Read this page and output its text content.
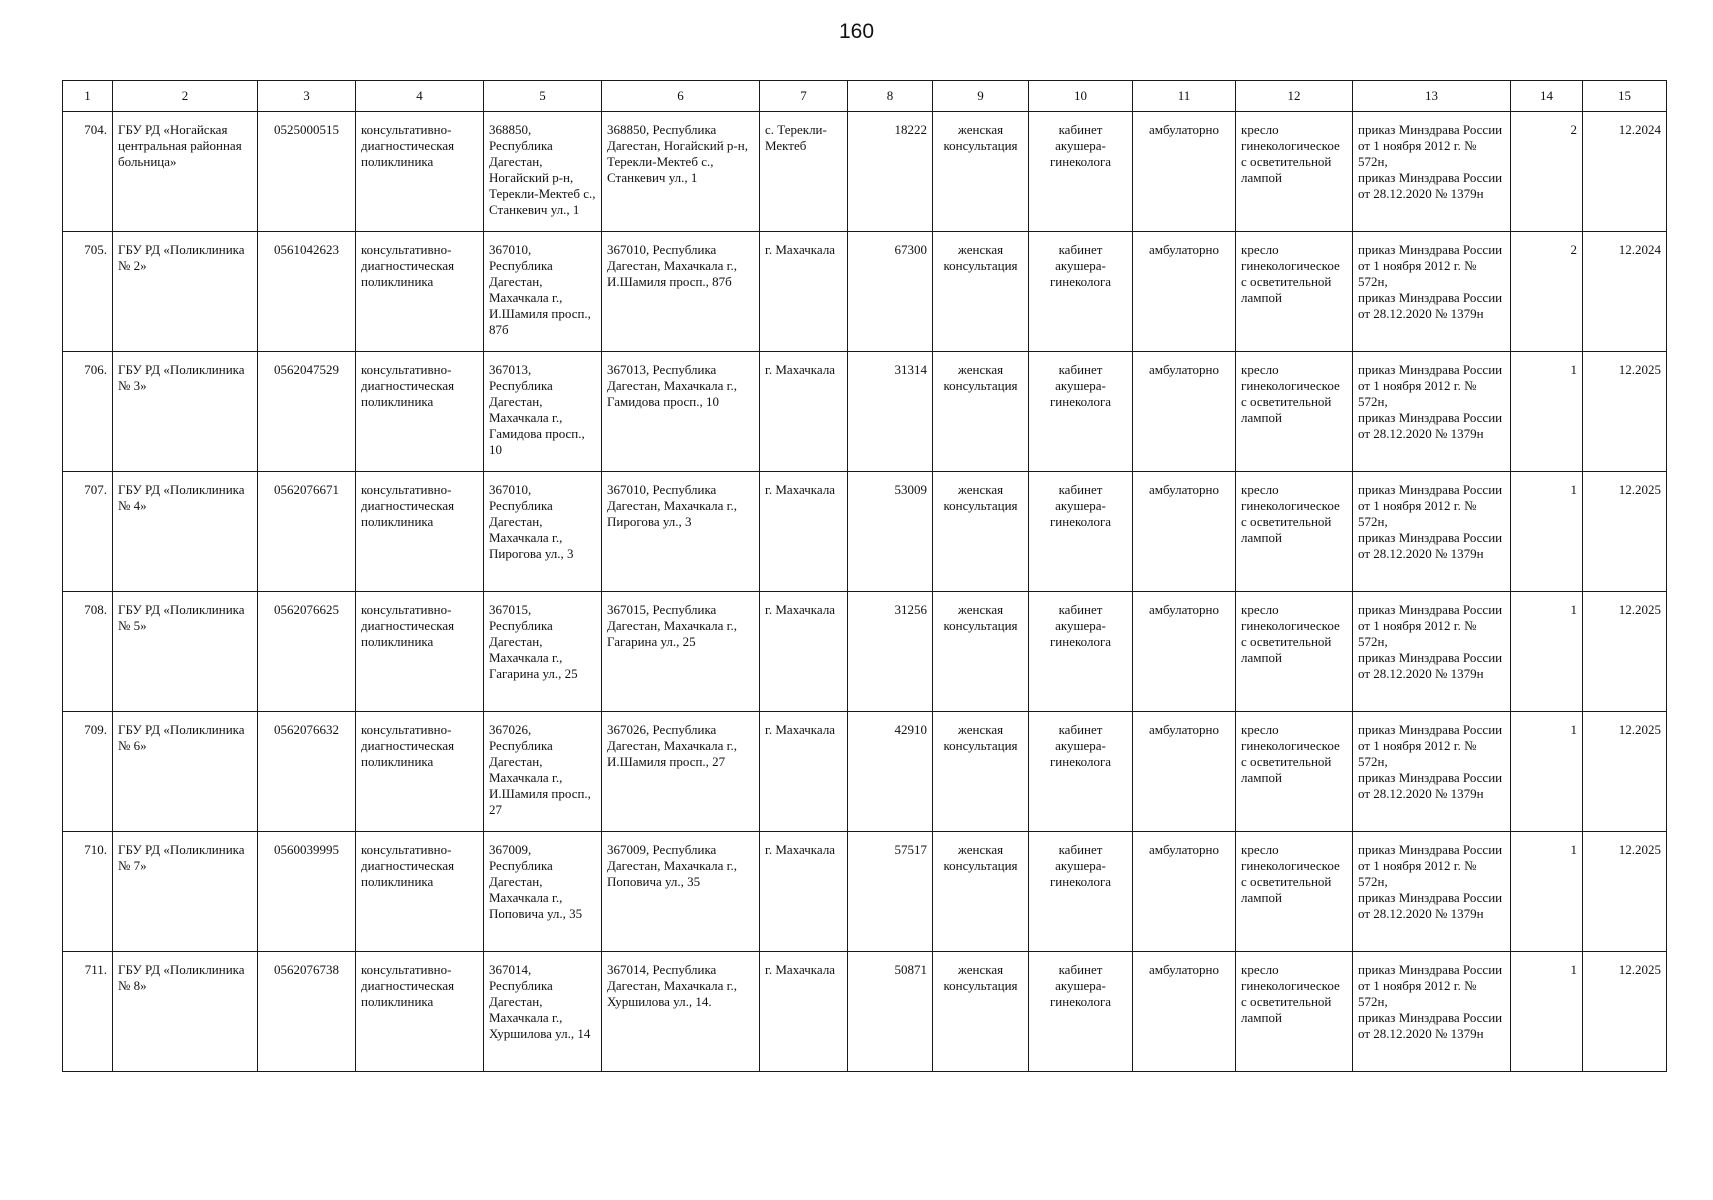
160
1	2	3	4	5	6	7	8	9	10	11	12	13	14	15
704.	ГБУ РД «Ногайская центральная районная больница»	0525000515	консультативно-диагностическая поликлиника	368850, Республика Дагестан, Ногайский р-н, Терекли-Мектеб с., Станкевич ул., 1	368850, Республика Дагестан, Ногайский р-н, Терекли-Мектеб с., Станкевич ул., 1	с. Терекли-Мектеб	18222	женская консультация	кабинет акушера-гинеколога	амбулаторно	кресло гинекологическое с осветительной лампой	приказ Минздрава России от 1 ноября 2012 г. № 572н,
приказ Минздрава России от 28.12.2020 № 1379н	2	12.2024
705.	ГБУ РД «Поликлиника № 2»	0561042623	консультативно-диагностическая поликлиника	367010, Республика Дагестан, Махачкала г., И.Шамиля просп., 87б	367010, Республика Дагестан, Махачкала г., И.Шамиля просп., 87б	г. Махачкала	67300	женская консультация	кабинет акушера-гинеколога	амбулаторно	кресло гинекологическое с осветительной лампой	приказ Минздрава России от 1 ноября 2012 г. № 572н,
приказ Минздрава России от 28.12.2020 № 1379н	2	12.2024
706.	ГБУ РД «Поликлиника № 3»	0562047529	консультативно-диагностическая поликлиника	367013, Республика Дагестан, Махачкала г., Гамидова просп., 10	367013, Республика Дагестан, Махачкала г., Гамидова просп., 10	г. Махачкала	31314	женская консультация	кабинет акушера-гинеколога	амбулаторно	кресло гинекологическое с осветительной лампой	приказ Минздрава России от 1 ноября 2012 г. № 572н,
приказ Минздрава России от 28.12.2020 № 1379н	1	12.2025
707.	ГБУ РД «Поликлиника № 4»	0562076671	консультативно-диагностическая поликлиника	367010, Республика Дагестан, Махачкала г., Пирогова ул., 3	367010, Республика Дагестан, Махачкала г., Пирогова ул., 3	г. Махачкала	53009	женская консультация	кабинет акушера-гинеколога	амбулаторно	кресло гинекологическое с осветительной лампой	приказ Минздрава России от 1 ноября 2012 г. № 572н,
приказ Минздрава России от 28.12.2020 № 1379н	1	12.2025
708.	ГБУ РД «Поликлиника № 5»	0562076625	консультативно-диагностическая поликлиника	367015, Республика Дагестан, Махачкала г., Гагарина ул., 25	367015, Республика Дагестан, Махачкала г., Гагарина ул., 25	г. Махачкала	31256	женская консультация	кабинет акушера-гинеколога	амбулаторно	кресло гинекологическое с осветительной лампой	приказ Минздрава России от 1 ноября 2012 г. № 572н,
приказ Минздрава России от 28.12.2020 № 1379н	1	12.2025
709.	ГБУ РД «Поликлиника № 6»	0562076632	консультативно-диагностическая поликлиника	367026, Республика Дагестан, Махачкала г., И.Шамиля просп., 27	367026, Республика Дагестан, Махачкала г., И.Шамиля просп., 27	г. Махачкала	42910	женская консультация	кабинет акушера-гинеколога	амбулаторно	кресло гинекологическое с осветительной лампой	приказ Минздрава России от 1 ноября 2012 г. № 572н,
приказ Минздрава России от 28.12.2020 № 1379н	1	12.2025
710.	ГБУ РД «Поликлиника № 7»	0560039995	консультативно-диагностическая поликлиника	367009, Республика Дагестан, Махачкала г., Поповича ул., 35	367009, Республика Дагестан, Махачкала г., Поповича ул., 35	г. Махачкала	57517	женская консультация	кабинет акушера-гинеколога	амбулаторно	кресло гинекологическое с осветительной лампой	приказ Минздрава России от 1 ноября 2012 г. № 572н,
приказ Минздрава России от 28.12.2020 № 1379н	1	12.2025
711.	ГБУ РД «Поликлиника № 8»	0562076738	консультативно-диагностическая поликлиника	367014, Республика Дагестан, Махачкала г., Хуршилова ул., 14	367014, Республика Дагестан, Махачкала г., Хуршилова ул., 14.	г. Махачкала	50871	женская консультация	кабинет акушера-гинеколога	амбулаторно	кресло гинекологическое с осветительной лампой	приказ Минздрава России от 1 ноября 2012 г. № 572н,
приказ Минздрава России от 28.12.2020 № 1379н	1	12.2025
